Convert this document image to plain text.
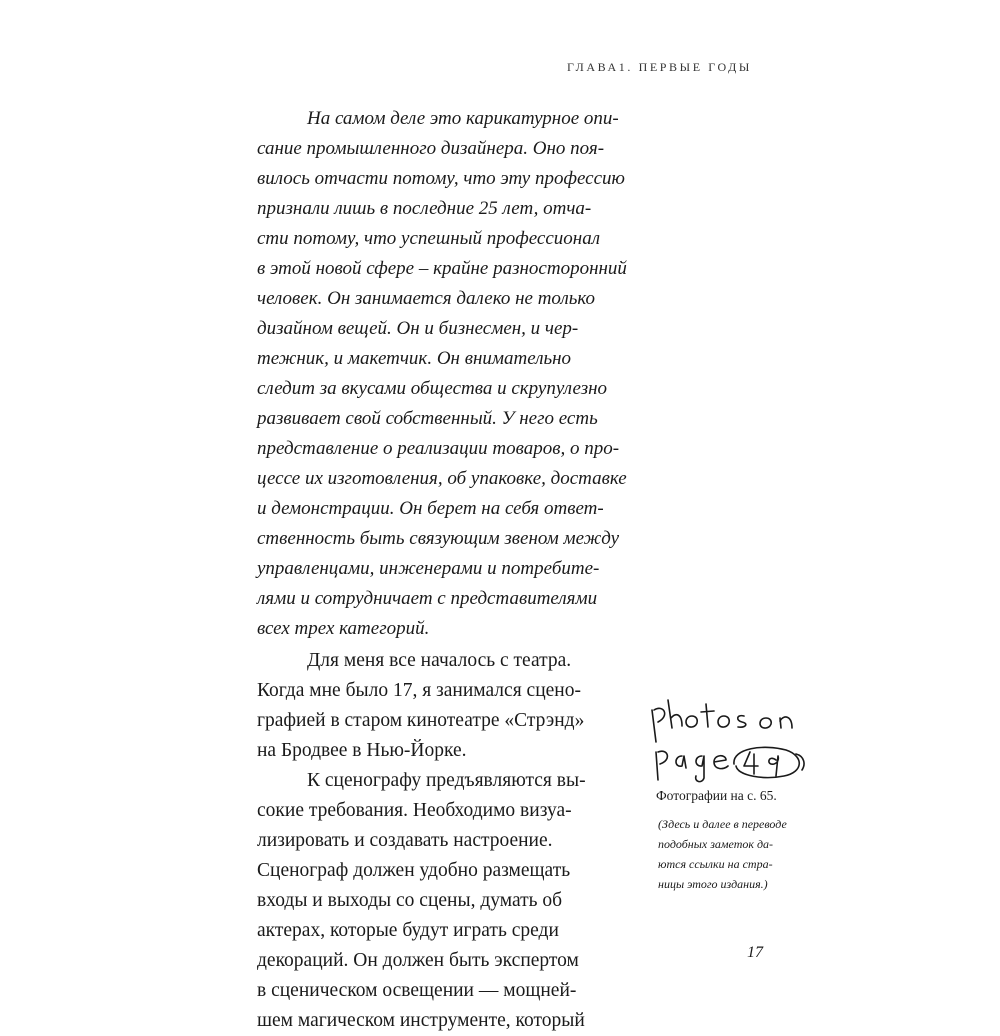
ГЛАВА1. ПЕРВЫЕ ГОДЫ
На самом деле это карикатурное опи-
сание промышленного дизайнера. Оно поя-
вилось отчасти потому, что эту профессию
признали лишь в последние 25 лет, отча-
сти потому, что успешный профессионал
в этой новой сфере – крайне разносторонний
человек. Он занимается далеко не только
дизайном вещей. Он и бизнесмен, и чер-
тежник, и макетчик. Он внимательно
следит за вкусами общества и скрупулезно
развивает свой собственный. У него есть
представление о реализации товаров, о про-
цессе их изготовления, об упаковке, доставке
и демонстрации. Он берет на себя ответ-
ственность быть связующим звеном между
управленцами, инженерами и потребите-
лями и сотрудничает с представителями
всех трех категорий.
Для меня все началось с театра.
Когда мне было 17, я занимался сцено-
графией в старом кинотеатре «Стрэнд»
на Бродвее в Нью-Йорке.
К сценографу предъявляются вы-
сокие требования. Необходимо визуа-
лизировать и создавать настроение.
Сценограф должен удобно размещать
входы и выходы со сцены, думать об
актерах, которые будут играть среди
декораций. Он должен быть экспертом
в сценическом освещении — мощней-
шем магическом инструменте, который
Фотографии на с. 65.
(Здесь и далее в переводе
подобных заметок да-
ются ссылки на стра-
ницы этого издания.)
17
